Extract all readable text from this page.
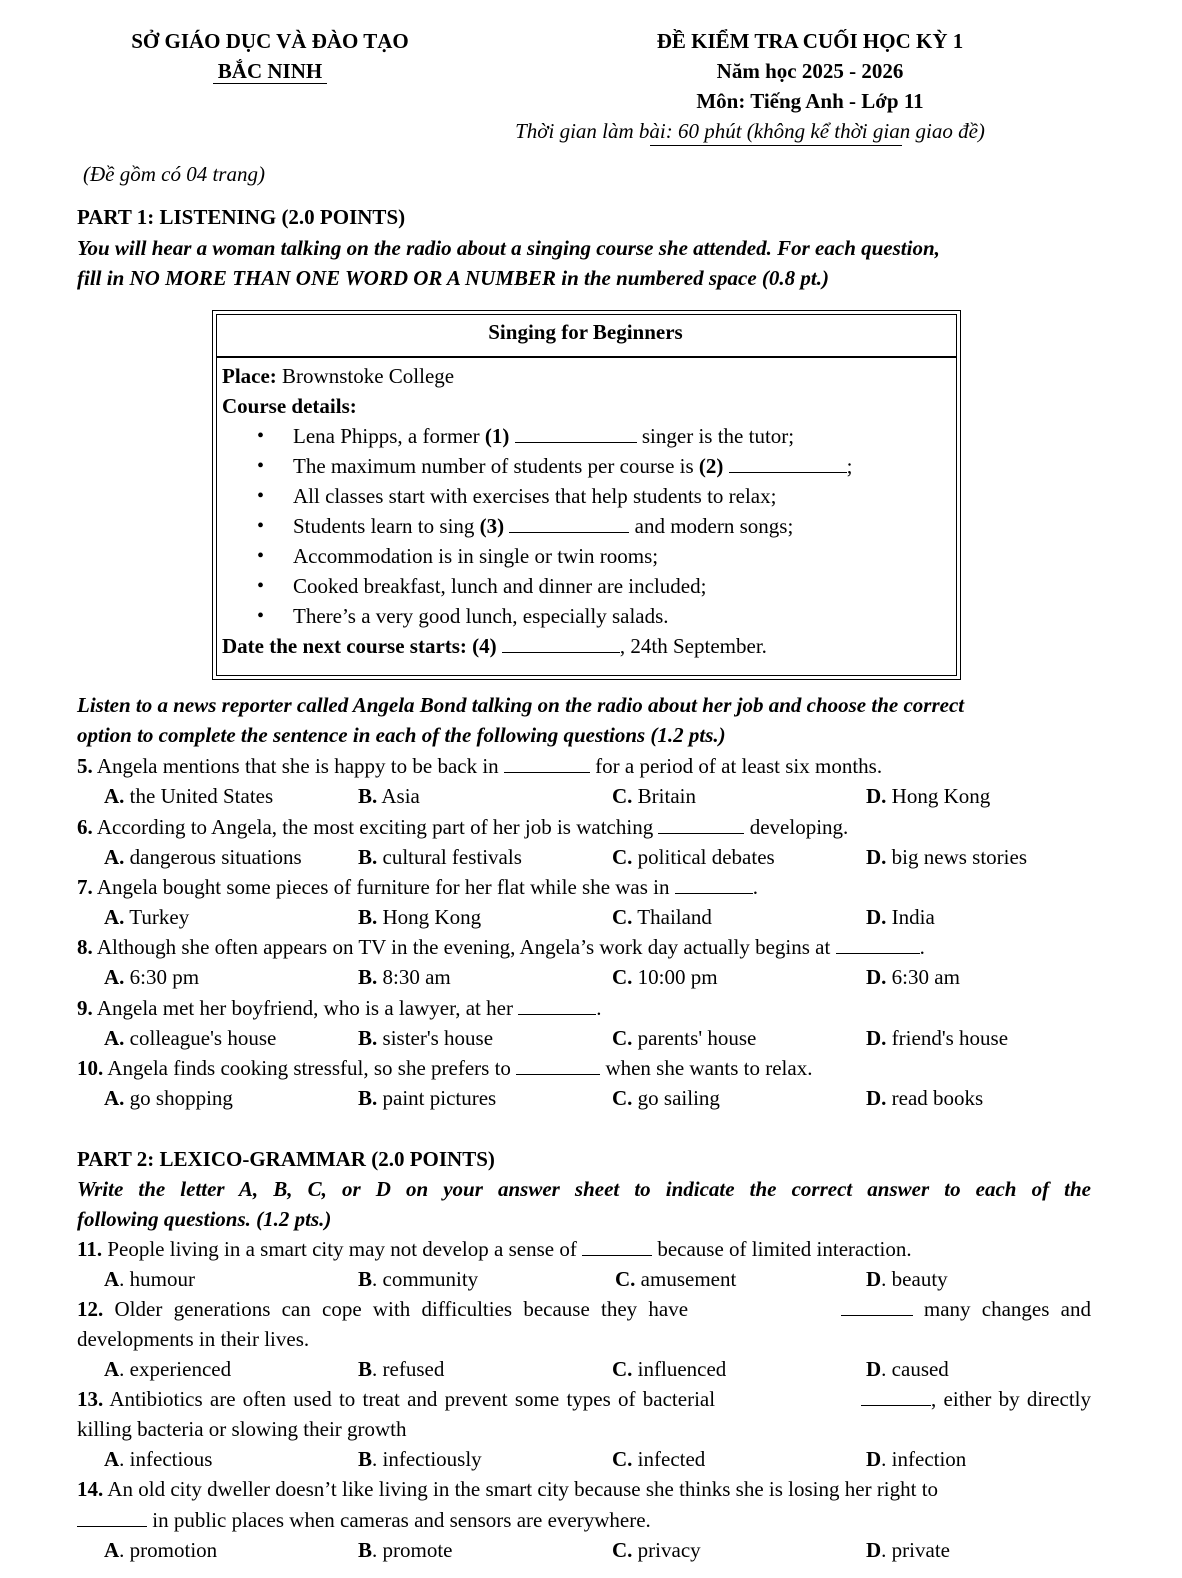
SỞ GIÁO DỤC VÀ ĐÀO TẠO
BẮC NINH
ĐỀ KIỂM TRA CUỐI HỌC KỲ 1
Năm học 2025 - 2026
Môn: Tiếng Anh - Lớp 11
Thời gian làm bài: 60 phút (không kể thời gian giao đề)
(Đề gồm có 04 trang)
PART 1: LISTENING (2.0 POINTS)
You will hear a woman talking on the radio about a singing course she attended. For each question,
fill in NO MORE THAN ONE WORD OR A NUMBER in the numbered space (0.8 pt.)
Singing for Beginners
Place: Brownstoke College
Course details:
• Lena Phipps, a former (1)	singer is the tutor;
• The maximum number of students per course is (2)	;
• All classes start with exercises that help students to relax;
• Students learn to sing (3)	and modern songs;
• Accommodation is in single or twin rooms;
• Cooked breakfast, lunch and dinner are included;
• There’s a very good lunch, especially salads.
Date the next course starts: (4)	, 24th September.
Listen to a news reporter called Angela Bond talking on the radio about her job and choose the correct
option to complete the sentence in each of the following questions (1.2 pts.)
5. Angela mentions that she is happy to be back in	for a period of at least six months.
A. the United States	B. Asia	C. Britain	D. Hong Kong
6. According to Angela, the most exciting part of her job is watching	developing.
A. dangerous situations	B. cultural festivals	C. political debates	D. big news stories
7. Angela bought some pieces of furniture for her flat while she was in	.
A. Turkey	B. Hong Kong	C. Thailand	D. India
8. Although she often appears on TV in the evening, Angela’s work day actually begins at	.
A. 6:30 pm	B. 8:30 am	C. 10:00 pm	D. 6:30 am
9. Angela met her boyfriend, who is a lawyer, at her	.
A. colleague's house	B. sister's house	C. parents' house	D. friend's house
10. Angela finds cooking stressful, so she prefers to	when she wants to relax.
A. go shopping	B. paint pictures	C. go sailing	D. read books
PART 2: LEXICO-GRAMMAR (2.0 POINTS)
Write the letter A, B, C, or D on your answer sheet to indicate the correct answer to each of the
following questions. (1.2 pts.)
11. People living in a smart city may not develop a sense of	because of limited interaction.
A. humour	B. community	C. amusement	D. beauty
12. Older generations can cope with difficulties because they have	many changes and
developments in their lives.
A. experienced	B. refused	C. influenced	D. caused
13. Antibiotics are often used to treat and prevent some types of bacterial	, either by directly
killing bacteria or slowing their growth
A. infectious	B. infectiously	C. infected	D. infection
14. An old city dweller doesn’t like living in the smart city because she thinks she is losing her right to
in public places when cameras and sensors are everywhere.
A. promotion	B. promote	C. privacy	D. private
